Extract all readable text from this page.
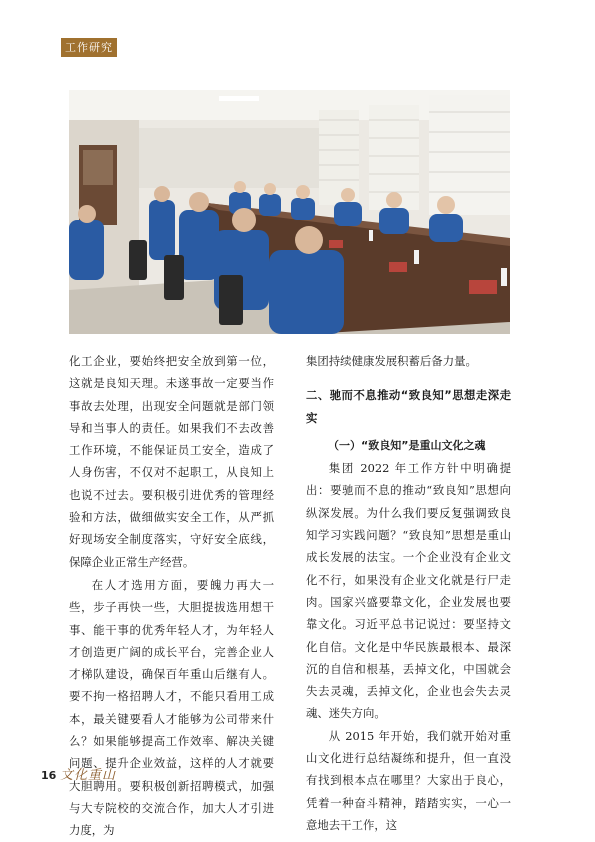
工作研究

化工企业，要始终把安全放到第一位，这就是良知天理。未遂事故一定要当作事故去处理，出现安全问题就是部门领导和当事人的责任。如果我们不去改善工作环境，不能保证员工安全，造成了人身伤害，不仅对不起职工，从良知上也说不过去。要积极引进优秀的管理经验和方法，做细做实安全工作，从严抓好现场安全制度落实，守好安全底线，保障企业正常生产经营。

在人才选用方面，要魄力再大一些，步子再快一些，大胆提拔选用想干事、能干事的优秀年轻人才，为年轻人才创造更广阔的成长平台，完善企业人才梯队建设，确保百年重山后继有人。要不拘一格招聘人才，不能只看用工成本，最关键要看人才能够为公司带来什么？如果能够提高工作效率、解决关键问题、提升企业效益，这样的人才就要大胆聘用。要积极创新招聘模式，加强与大专院校的交流合作，加大人才引进力度，为

集团持续健康发展积蓄后备力量。

二、驰而不息推动“致良知”思想走深走实
（一）“致良知”是重山文化之魂

集团 2022 年工作方针中明确提出：要驰而不息的推动“致良知”思想向纵深发展。为什么我们要反复强调致良知学习实践问题？“致良知”思想是重山成长发展的法宝。一个企业没有企业文化不行，如果没有企业文化就是行尸走肉。国家兴盛要靠文化，企业发展也要靠文化。习近平总书记说过：要坚持文化自信。文化是中华民族最根本、最深沉的自信和根基，丢掉文化，中国就会失去灵魂，丢掉文化，企业也会失去灵魂、迷失方向。

从 2015 年开始，我们就开始对重山文化进行总结凝练和提升，但一直没有找到根本点在哪里？大家出于良心，凭着一种奋斗精神，踏踏实实，一心一意地去干工作，这

16 文化重山
